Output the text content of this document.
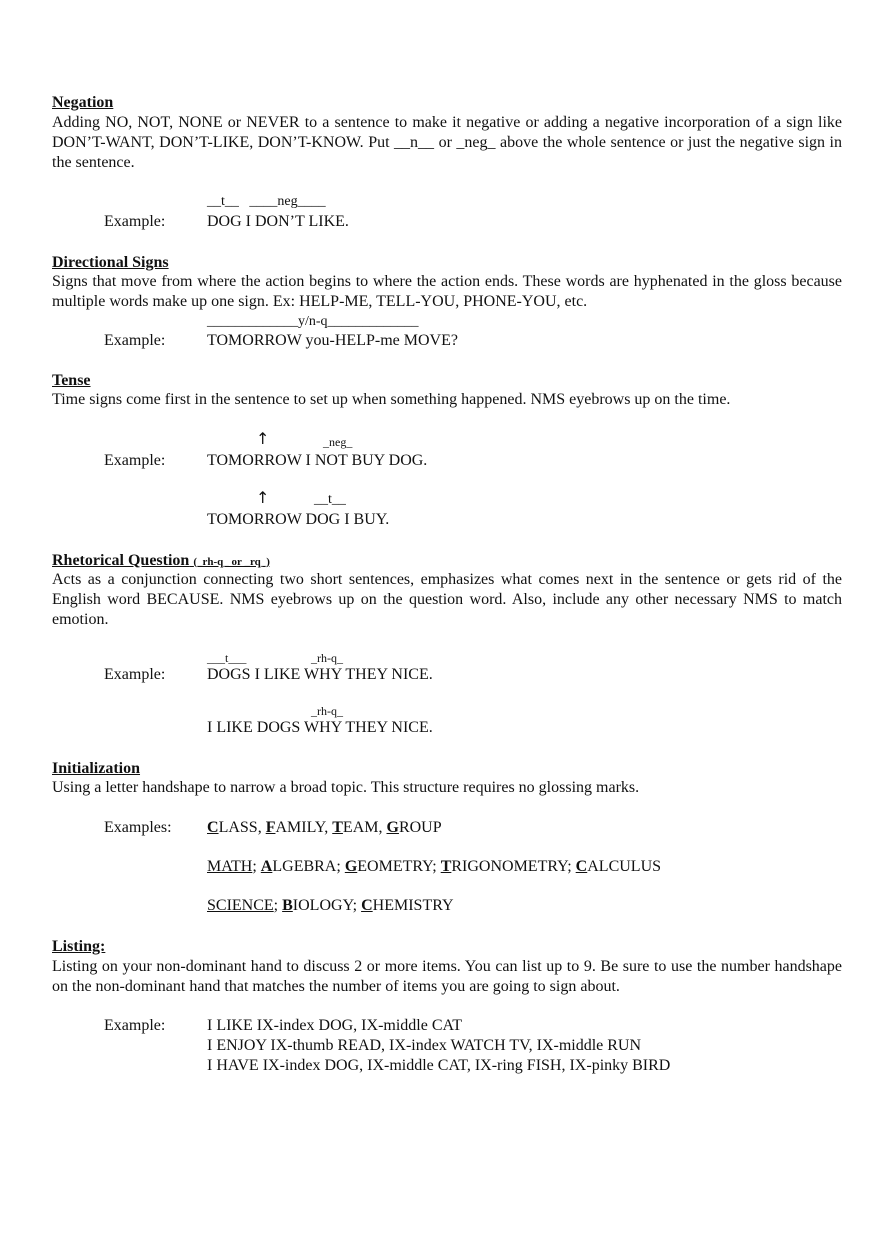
Negation
Adding NO, NOT, NONE or NEVER to a sentence to make it negative or adding a negative incorporation of a sign like DON’T-WANT, DON’T-LIKE, DON’T-KNOW. Put __n__ or _neg_ above the whole sentence or just the negative sign in the sentence.
__t__   ____neg____
Example:	DOG I DON’T LIKE.
Directional Signs
Signs that move from where the action begins to where the action ends. These words are hyphenated in the gloss because multiple words make up one sign. Ex: HELP-ME, TELL-YOU, PHONE-YOU, etc.
_____________y/n-q_____________
Example:	TOMORROW you-HELP-me MOVE?
Tense
Time signs come first in the sentence to set up when something happened. NMS eyebrows up on the time.
↑	_neg_
Example:	TOMORROW I NOT BUY DOG.
↑	__t__
TOMORROW DOG I BUY.
Rhetorical Question (_rh-q_ or _rq_)
Acts as a conjunction connecting two short sentences, emphasizes what comes next in the sentence or gets rid of the English word BECAUSE. NMS eyebrows up on the question word. Also, include any other necessary NMS to match emotion.
___t___	_rh-q_
Example:	DOGS I LIKE WHY THEY NICE.
_rh-q_
I LIKE DOGS WHY THEY NICE.
Initialization
Using a letter handshape to narrow a broad topic. This structure requires no glossing marks.
Examples: CLASS, FAMILY, TEAM, GROUP
MATH; ALGEBRA; GEOMETRY; TRIGONOMETRY; CALCULUS
SCIENCE; BIOLOGY; CHEMISTRY
Listing:
Listing on your non-dominant hand to discuss 2 or more items. You can list up to 9. Be sure to use the number handshape on the non-dominant hand that matches the number of items you are going to sign about.
Example:	I LIKE IX-index DOG, IX-middle CAT
I ENJOY IX-thumb READ, IX-index WATCH TV, IX-middle RUN
I HAVE IX-index DOG, IX-middle CAT, IX-ring FISH, IX-pinky BIRD
